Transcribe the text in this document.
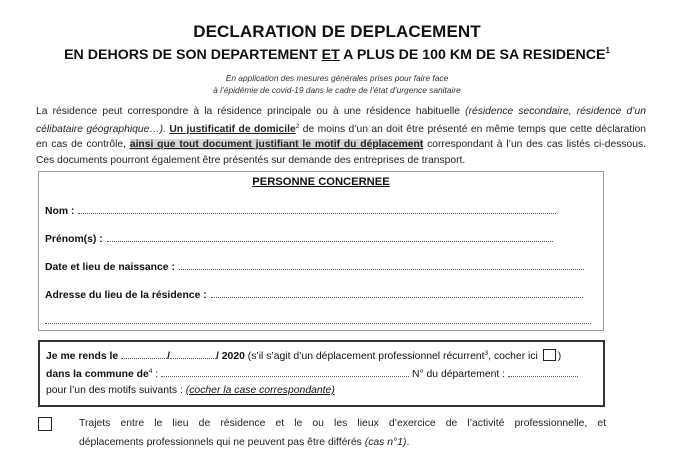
DECLARATION DE DEPLACEMENT
EN DEHORS DE SON DEPARTEMENT ET A PLUS DE 100 KM DE SA RESIDENCE$^1$
En application des mesures générales prises pour faire face
à l’épidémie de covid-19 dans le cadre de l’état d’urgence sanitaire
La résidence peut correspondre à la résidence principale ou à une résidence habituelle (résidence secondaire, résidence d’un célibataire géographique…). Un justificatif de domicile$^2$ de moins d’un an doit être présenté en même temps que cette déclaration en cas de contrôle, ainsi que tout document justifiant le motif du déplacement correspondant à l’un des cas listés ci-dessous. Ces documents pourront également être présentés sur demande des entreprises de transport.
PERSONNE CONCERNEE
Nom :
Prénom(s) :
Date et lieu de naissance :
Adresse du lieu de la résidence :
Je me rends le	/	/ 2020 (s’il s’agit d’un déplacement professionnel récurrent$^3$, cocher ici )
dans la commune $de^4$ :	N° du département :
pour l’un des motifs suivants : (cocher la case correspondante)
Trajets entre le lieu de résidence et le ou les lieux d’exercice de l’activité professionnelle, et
déplacements professionnels qui ne peuvent pas être différés (cas n°1).
